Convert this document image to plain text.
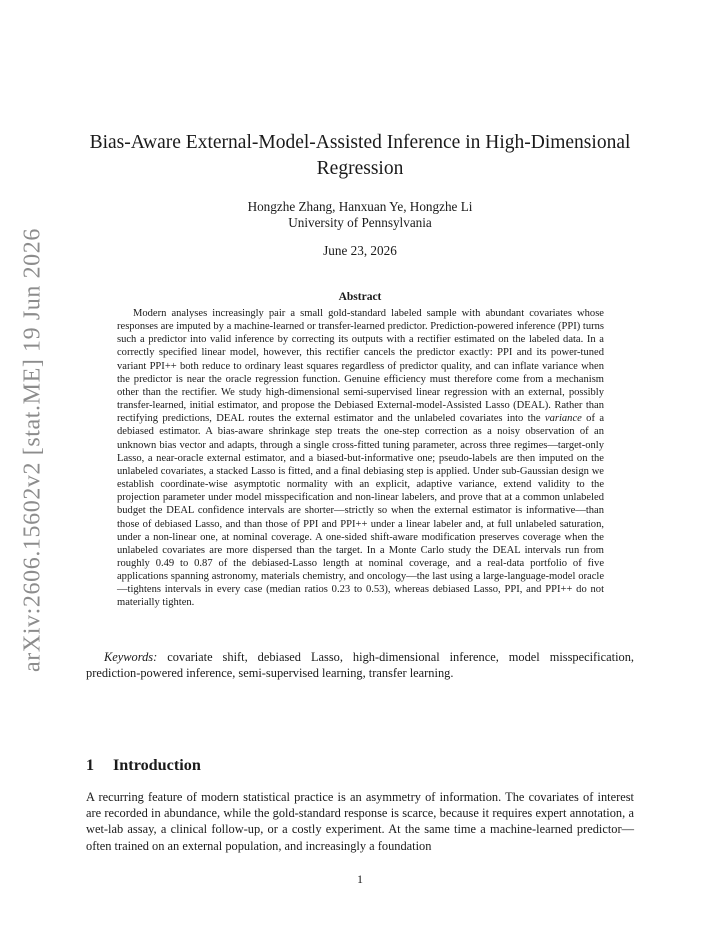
arXiv:2606.15602v2 [stat.ME] 19 Jun 2026
Bias-Aware External-Model-Assisted Inference in High-Dimensional Regression
Hongzhe Zhang, Hanxuan Ye, Hongzhe Li
University of Pennsylvania
June 23, 2026
Abstract

Modern analyses increasingly pair a small gold-standard labeled sample with abundant covariates whose responses are imputed by a machine-learned or transfer-learned predictor. Prediction-powered inference (PPI) turns such a predictor into valid inference by correcting its outputs with a rectifier estimated on the labeled data. In a correctly specified linear model, however, this rectifier cancels the predictor exactly: PPI and its power-tuned variant PPI++ both reduce to ordinary least squares regardless of predictor quality, and can inflate variance when the predictor is near the oracle regression function. Genuine efficiency must therefore come from a mechanism other than the rectifier. We study high-dimensional semi-supervised linear regression with an external, possibly transfer-learned, initial estimator, and propose the Debiased External-model-Assisted Lasso (DEAL). Rather than rectifying predictions, DEAL routes the external estimator and the unlabeled covariates into the variance of a debiased estimator. A bias-aware shrinkage step treats the one-step correction as a noisy observation of an unknown bias vector and adapts, through a single cross-fitted tuning parameter, across three regimes—target-only Lasso, a near-oracle external estimator, and a biased-but-informative one; pseudo-labels are then imputed on the unlabeled covariates, a stacked Lasso is fitted, and a final debiasing step is applied. Under sub-Gaussian design we establish coordinate-wise asymptotic normality with an explicit, adaptive variance, extend validity to the projection parameter under model misspecification and non-linear labelers, and prove that at a common unlabeled budget the DEAL confidence intervals are shorter—strictly so when the external estimator is informative—than those of debiased Lasso, and than those of PPI and PPI++ under a linear labeler and, at full unlabeled saturation, under a non-linear one, at nominal coverage. A one-sided shift-aware modification preserves coverage when the unlabeled covariates are more dispersed than the target. In a Monte Carlo study the DEAL intervals run from roughly 0.49 to 0.87 of the debiased-Lasso length at nominal coverage, and a real-data portfolio of five applications spanning astronomy, materials chemistry, and oncology—the last using a large-language-model oracle—tightens intervals in every case (median ratios 0.23 to 0.53), whereas debiased Lasso, PPI, and PPI++ do not materially tighten.

Keywords: covariate shift, debiased Lasso, high-dimensional inference, model misspecification, prediction-powered inference, semi-supervised learning, transfer learning.

1 Introduction

A recurring feature of modern statistical practice is an asymmetry of information. The covariates of interest are recorded in abundance, while the gold-standard response is scarce, because it requires expert annotation, a wet-lab assay, a clinical follow-up, or a costly experiment. At the same time a machine-learned predictor—often trained on an external population, and increasingly a foundation

1
